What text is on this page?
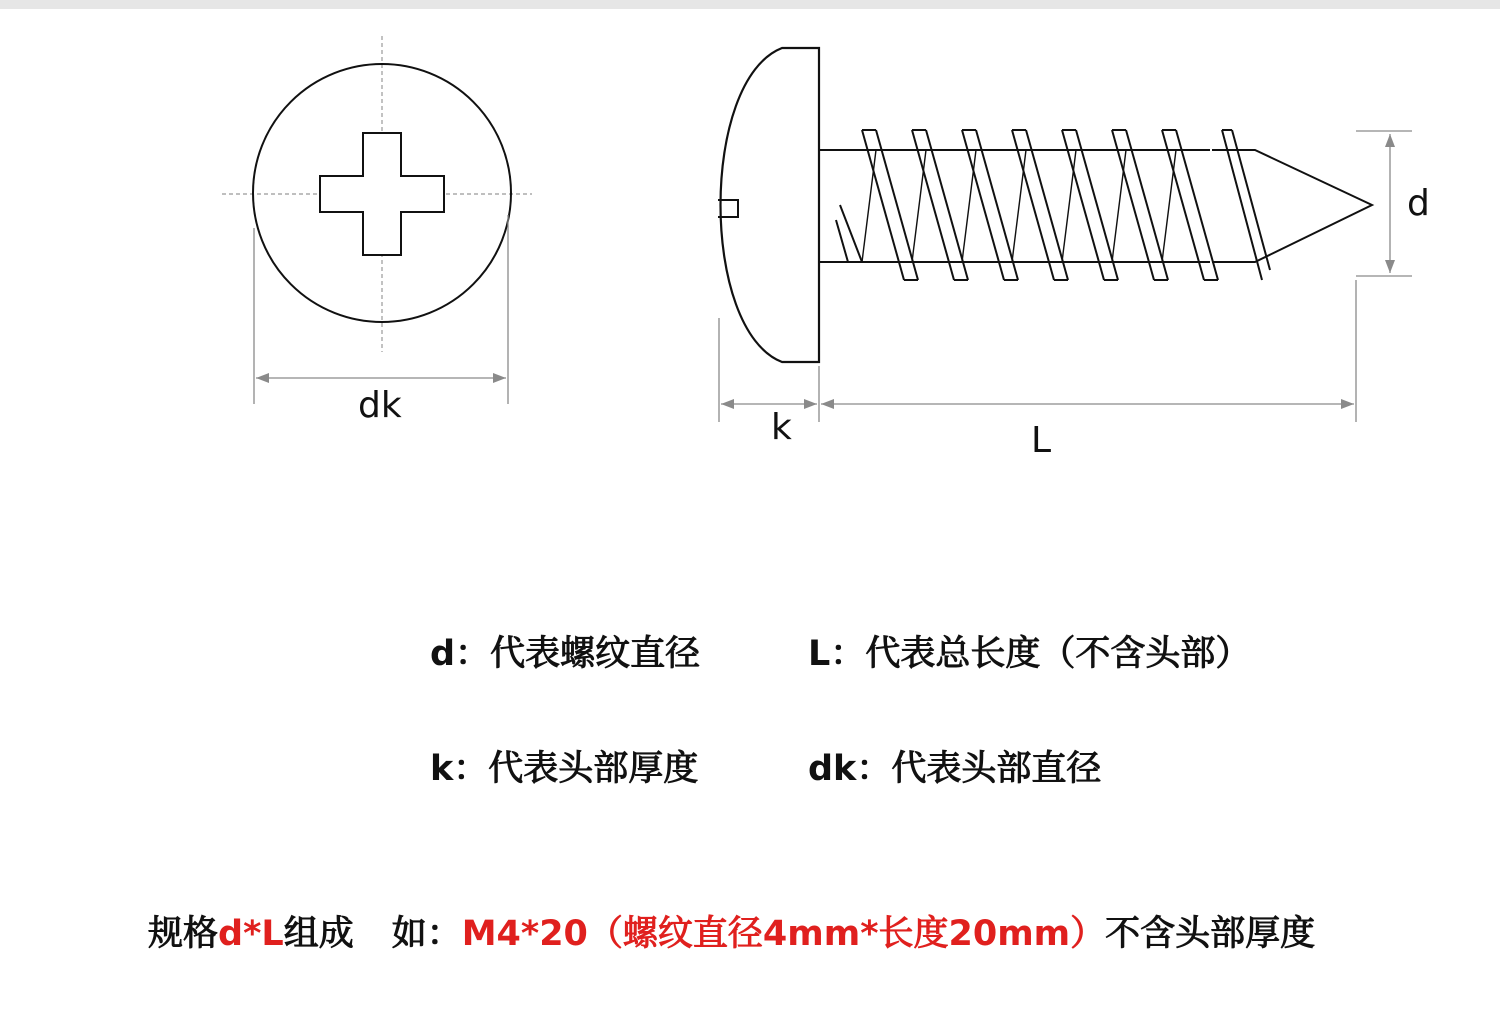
dk
k	L
d
d：代表螺纹直径	L：代表总长度（不含头部）
k：代表头部厚度	dk：代表头部直径
规格d*L组成 如：M4*20（螺纹直径4mm*长度20mm）不含头部厚度
